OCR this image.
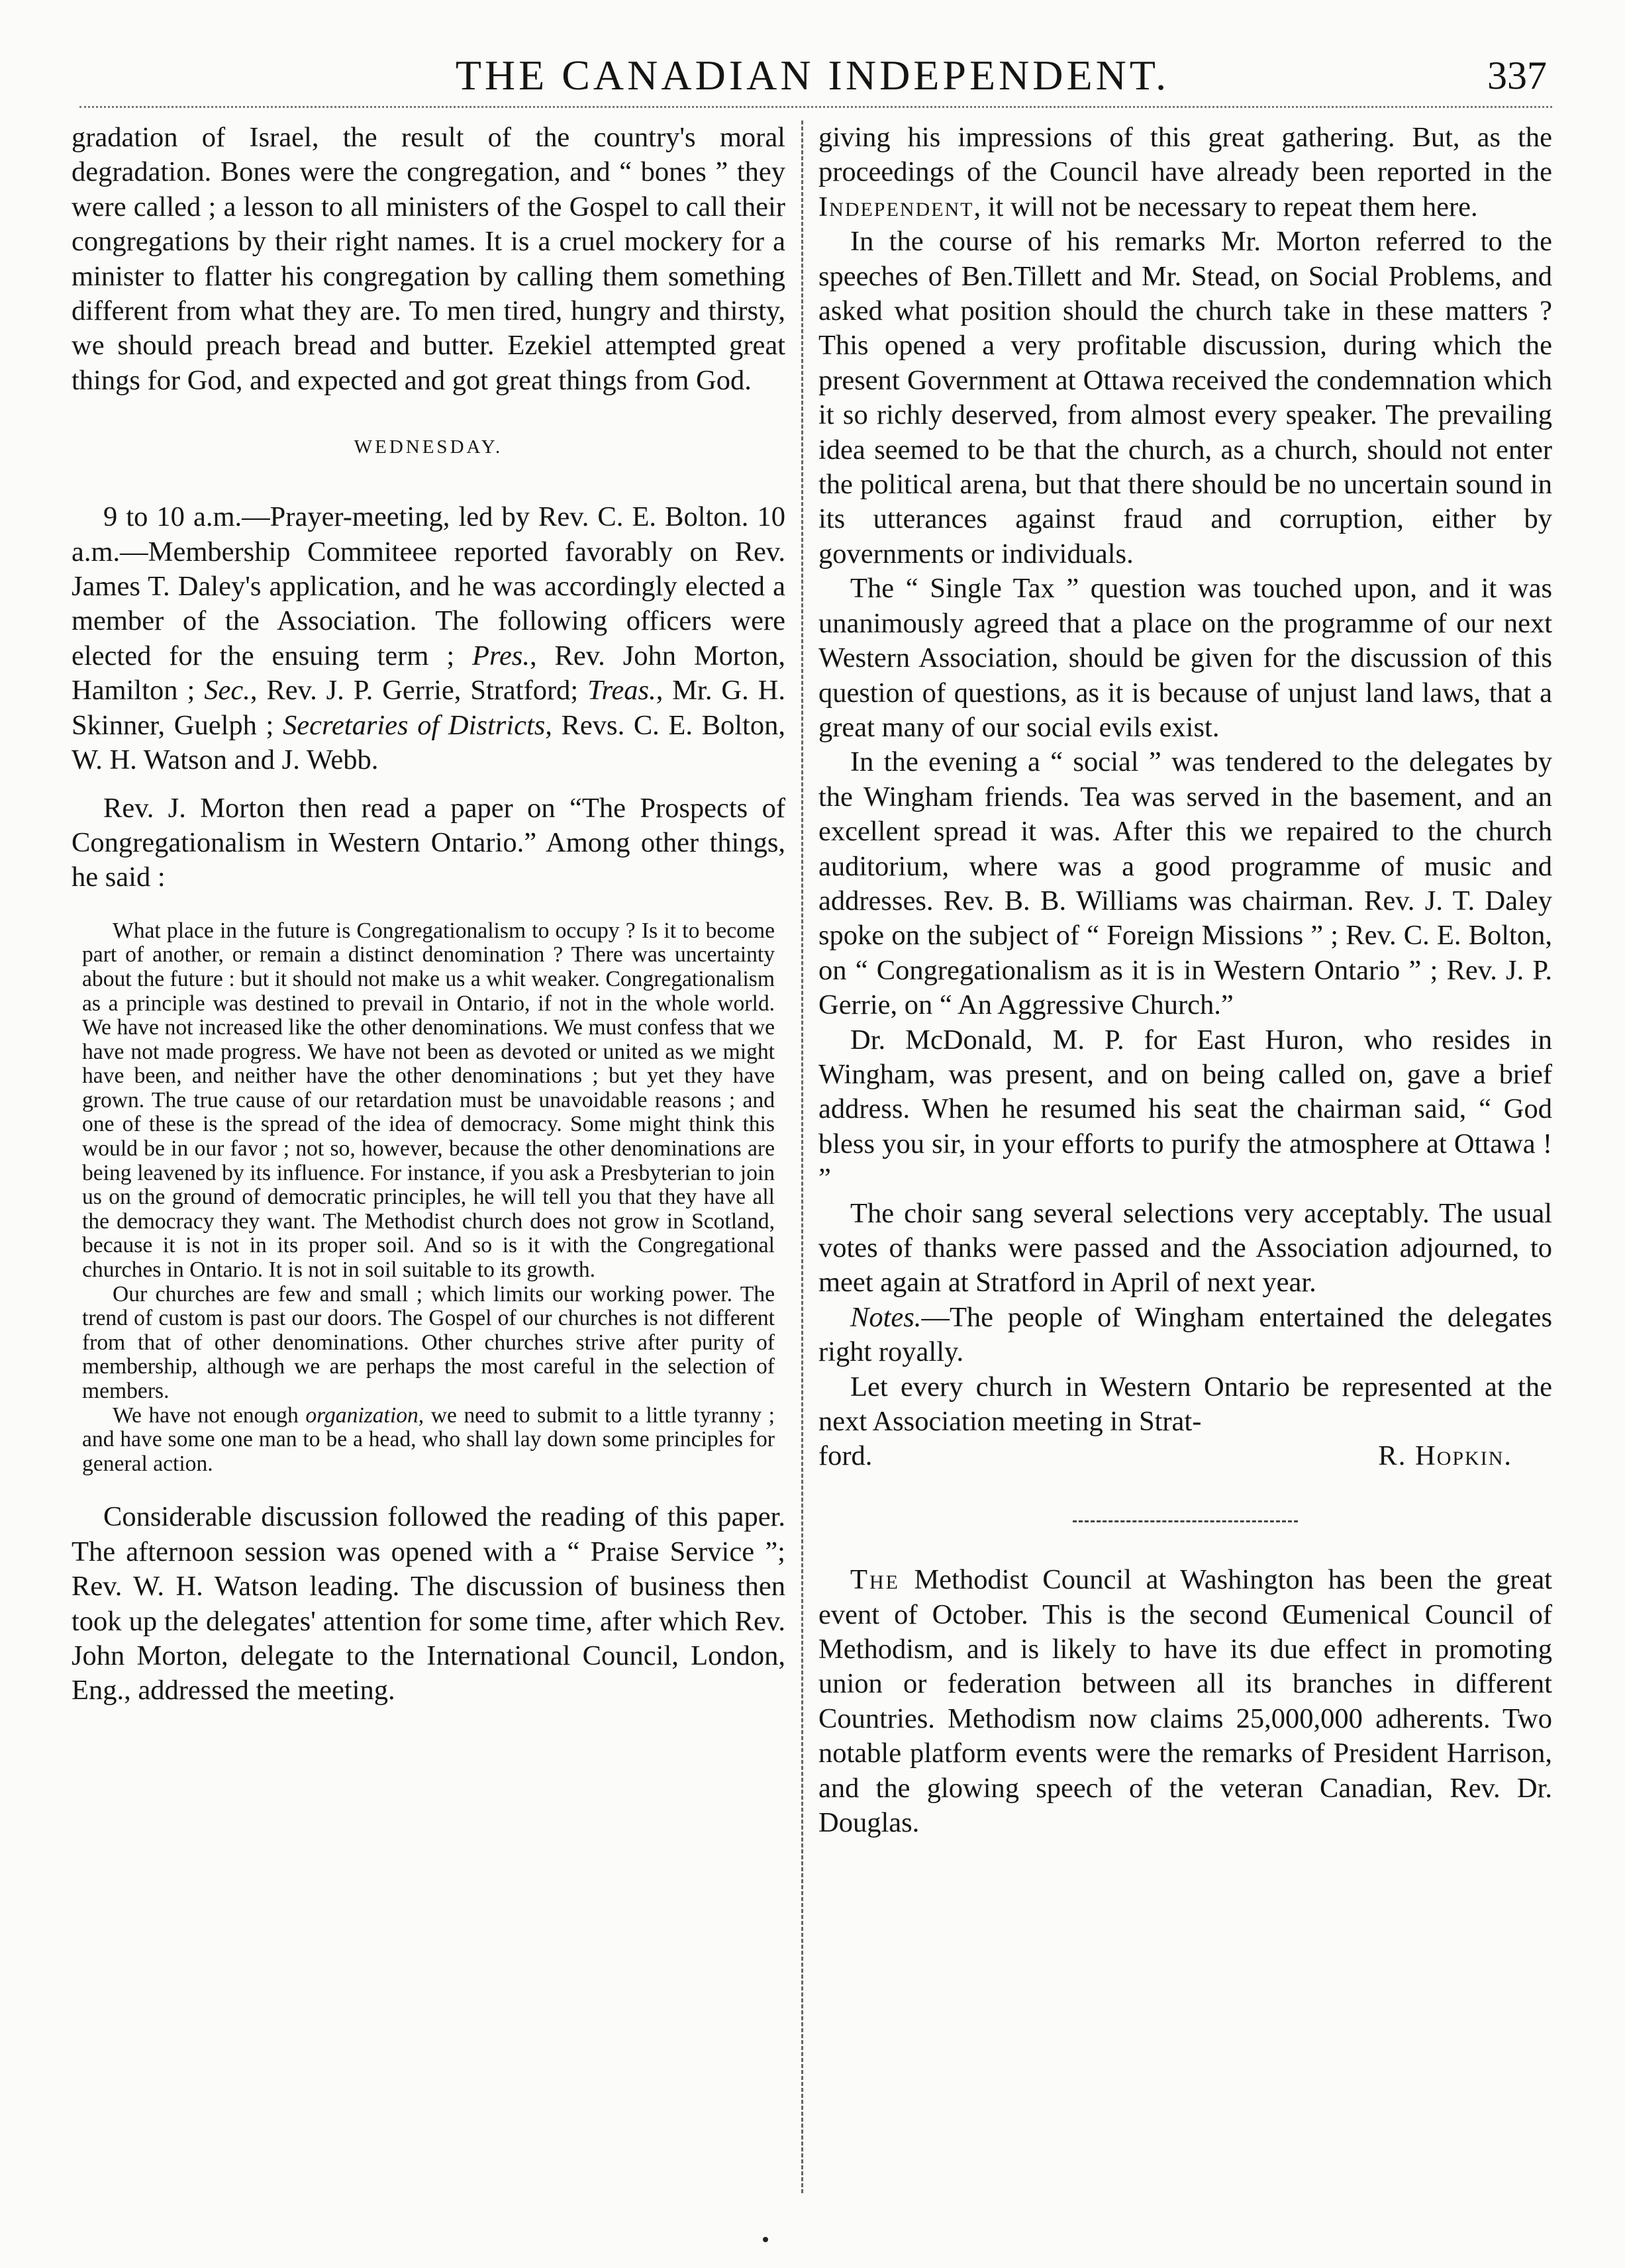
THE CANADIAN INDEPENDENT.	337

gradation of Israel, the result of the country's moral degradation. Bones were the congregation, and “ bones ” they were called ; a lesson to all ministers of the Gospel to call their congregations by their right names. It is a cruel mockery for a minister to flatter his congregation by calling them something different from what they are. To men tired, hungry and thirsty, we should preach bread and butter. Ezekiel attempted great things for God, and expected and got great things from God.

WEDNESDAY.

9 to 10 a.m.—Prayer-meeting, led by Rev. C. E. Bolton. 10 a.m.—Membership Commiteee reported favorably on Rev. James T. Daley's application, and he was accordingly elected a member of the Association. The following officers were elected for the ensuing term ; Pres., Rev. John Morton, Hamilton ; Sec., Rev. J. P. Gerrie, Stratford; Treas., Mr. G. H. Skinner, Guelph ; Secretaries of Districts, Revs. C. E. Bolton, W. H. Watson and J. Webb.

Rev. J. Morton then read a paper on “The Prospects of Congregationalism in Western Ontario.” Among other things, he said :

What place in the future is Congregationalism to occupy ? Is it to become part of another, or remain a distinct denomination ? There was uncertainty about the future : but it should not make us a whit weaker. Congregationalism as a principle was destined to prevail in Ontario, if not in the whole world. We have not increased like the other denominations. We must confess that we have not made progress. We have not been as devoted or united as we might have been, and neither have the other denominations ; but yet they have grown. The true cause of our retardation must be unavoidable reasons ; and one of these is the spread of the idea of democracy. Some might think this would be in our favor ; not so, however, because the other denominations are being leavened by its influence. For instance, if you ask a Presbyterian to join us on the ground of democratic principles, he will tell you that they have all the democracy they want. The Methodist church does not grow in Scotland, because it is not in its proper soil. And so is it with the Congregational churches in Ontario. It is not in soil suitable to its growth.

Our churches are few and small ; which limits our working power. The trend of custom is past our doors. The Gospel of our churches is not different from that of other denominations. Other churches strive after purity of membership, although we are perhaps the most careful in the selection of members.

We have not enough organization, we need to submit to a little tyranny ; and have some one man to be a head, who shall lay down some principles for general action.

Considerable discussion followed the reading of this paper. The afternoon session was opened with a “ Praise Service ”; Rev. W. H. Watson leading. The discussion of business then took up the delegates' attention for some time, after which Rev. John Morton, delegate to the International Council, London, Eng., addressed the meeting.

giving his impressions of this great gathering. But, as the proceedings of the Council have already been reported in the Independent, it will not be necessary to repeat them here.

In the course of his remarks Mr. Morton referred to the speeches of Ben.Tillett and Mr. Stead, on Social Problems, and asked what position should the church take in these matters ? This opened a very profitable discussion, during which the present Government at Ottawa received the condemnation which it so richly deserved, from almost every speaker. The prevailing idea seemed to be that the church, as a church, should not enter the political arena, but that there should be no uncertain sound in its utterances against fraud and corruption, either by governments or individuals.

The “ Single Tax ” question was touched upon, and it was unanimously agreed that a place on the programme of our next Western Association, should be given for the discussion of this question of questions, as it is because of unjust land laws, that a great many of our social evils exist.

In the evening a “ social ” was tendered to the delegates by the Wingham friends. Tea was served in the basement, and an excellent spread it was. After this we repaired to the church auditorium, where was a good programme of music and addresses. Rev. B. B. Williams was chairman. Rev. J. T. Daley spoke on the subject of “ Foreign Missions ” ; Rev. C. E. Bolton, on “ Congregationalism as it is in Western Ontario ” ; Rev. J. P. Gerrie, on “ An Aggressive Church.”

Dr. McDonald, M. P. for East Huron, who resides in Wingham, was present, and on being called on, gave a brief address. When he resumed his seat the chairman said, “ God bless you sir, in your efforts to purify the atmosphere at Ottawa ! ”

The choir sang several selections very acceptably. The usual votes of thanks were passed and the Association adjourned, to meet again at Stratford in April of next year.

Notes.—The people of Wingham entertained the delegates right royally.

Let every church in Western Ontario be represented at the next Association meeting in Strat-

ford.	R. Hopkin.

The Methodist Council at Washington has been the great event of October. This is the second Œumenical Council of Methodism, and is likely to have its due effect in promoting union or federation between all its branches in different Countries. Methodism now claims 25,000,000 adherents. Two notable platform events were the remarks of President Harrison, and the glowing speech of the veteran Canadian, Rev. Dr. Douglas.
